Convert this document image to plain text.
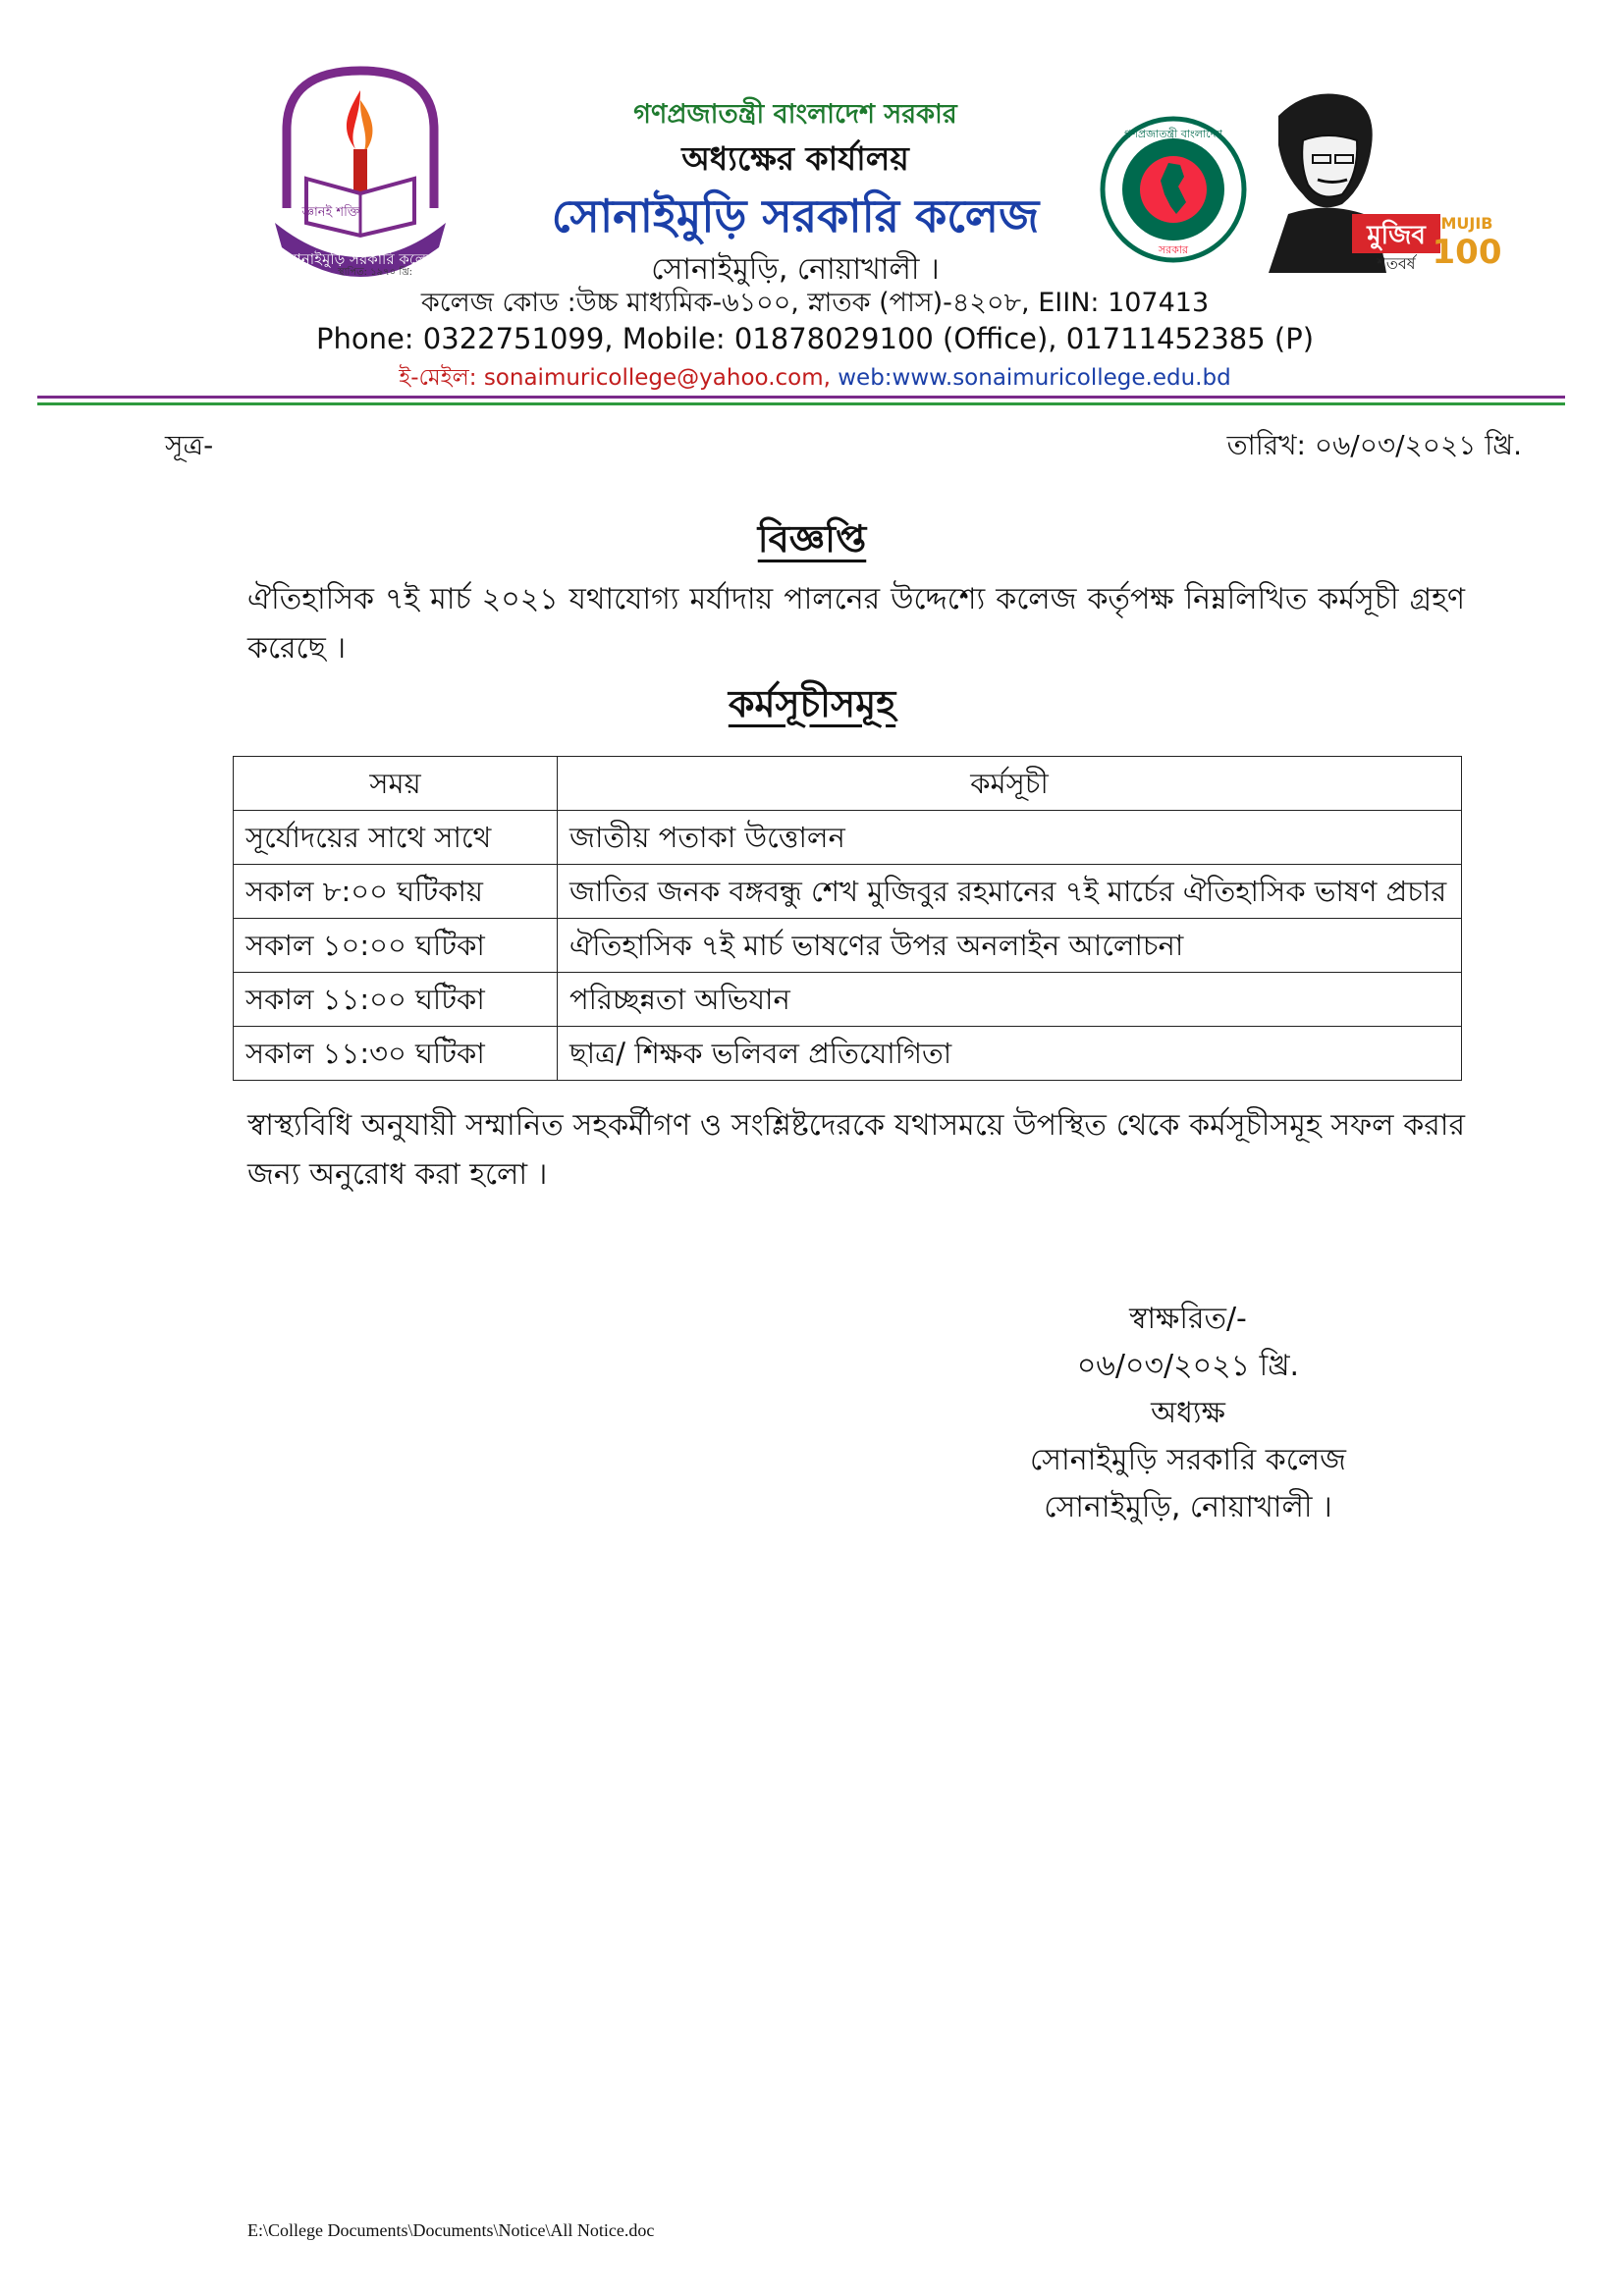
জ্ঞানই শক্তি
সোনাইমুড়ি সরকারি কলেজ
স্থাপিত: ১৯৭০ খ্রি:
গণপ্রজাতন্ত্রী বাংলাদেশ
সরকার	মুজিব
শতবর্ষ
MUJIB
100
গণপ্রজাতন্ত্রী বাংলাদেশ সরকার
অধ্যক্ষের কার্যালয়
সোনাইমুড়ি সরকারি কলেজ
সোনাইমুড়ি, নোয়াখালী ।
কলেজ কোড :উচ্চ মাধ্যমিক-৬১০০, স্নাতক (পাস)-৪২০৮, EIIN: 107413
Phone: 0322751099, Mobile: 01878029100 (Office), 01711452385 (P)
ই-মেইল: sonaimuricollege@yahoo.com, web:www.sonaimuricollege.edu.bd
সূত্র-	তারিখ: ০৬/০৩/২০২১ খ্রি.
বিজ্ঞপ্তি
ঐতিহাসিক ৭ই মার্চ ২০২১ যথাযোগ্য মর্যাদায় পালনের উদ্দেশ্যে কলেজ কর্তৃপক্ষ নিম্নলিখিত কর্মসূচী গ্রহণ করেছে ।
কর্মসূচীসমূহ
সময়	কর্মসূচী
সূর্যোদয়ের সাথে সাথে	জাতীয় পতাকা উত্তোলন
সকাল ৮:০০ ঘটিকায়	জাতির জনক বঙ্গবন্ধু শেখ মুজিবুর রহমানের ৭ই মার্চের ঐতিহাসিক ভাষণ প্রচার
সকাল ১০:০০ ঘটিকা	ঐতিহাসিক ৭ই মার্চ ভাষণের উপর অনলাইন আলোচনা
সকাল ১১:০০ ঘটিকা	পরিচ্ছন্নতা অভিযান
সকাল ১১:৩০ ঘটিকা	ছাত্র/ শিক্ষক ভলিবল প্রতিযোগিতা
স্বাস্থ্যবিধি অনুযায়ী সম্মানিত সহকর্মীগণ ও সংশ্লিষ্টদেরকে যথাসময়ে উপস্থিত থেকে কর্মসূচীসমূহ সফল করার জন্য অনুরোধ করা হলো ।
স্বাক্ষরিত/-
০৬/০৩/২০২১ খ্রি.
অধ্যক্ষ
সোনাইমুড়ি সরকারি কলেজ
সোনাইমুড়ি, নোয়াখালী ।
E:\College Documents\Documents\Notice\All Notice.doc
